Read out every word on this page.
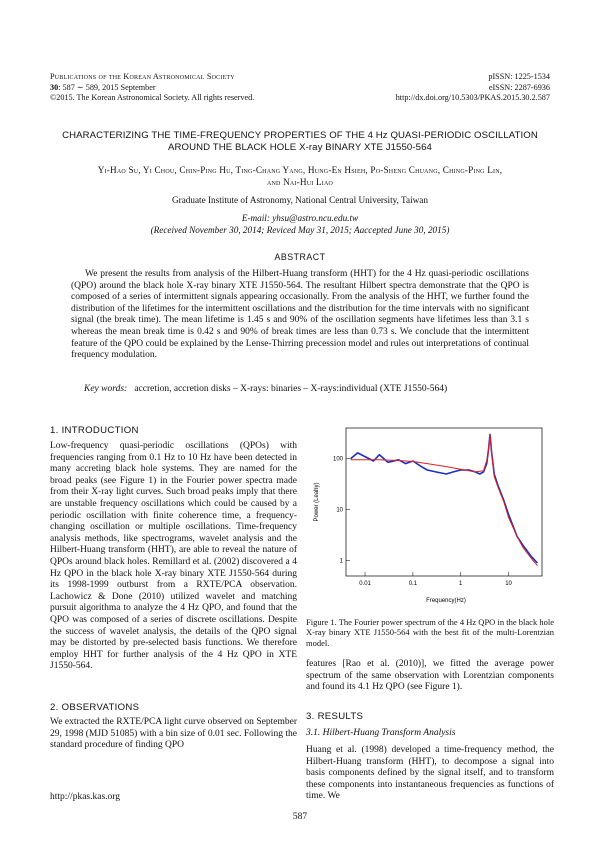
Publications of the Korean Astronomical Society
30: 587 ∼ 589, 2015 September
©2015. The Korean Astronomical Society. All rights reserved.
pISSN: 1225-1534
eISSN: 2287-6936
http://dx.doi.org/10.5303/PKAS.2015.30.2.587
CHARACTERIZING THE TIME-FREQUENCY PROPERTIES OF THE 4 Hz QUASI-PERIODIC OSCILLATION
AROUND THE BLACK HOLE X-ray BINARY XTE J1550-564
Yi-Hao Su, Yi Chou, Chin-Ping Hu, Ting-Chang Yang, Hung-En Hsieh, Po-Sheng Chuang, Ching-Ping Lin,
and Nai-Hui Liao
Graduate Institute of Astronomy, National Central University, Taiwan
E-mail: yhsu@astro.ncu.edu.tw
(Received November 30, 2014; Reviced May 31, 2015; Aaccepted June 30, 2015)
ABSTRACT
We present the results from analysis of the Hilbert-Huang transform (HHT) for the 4 Hz quasi-periodic oscillations (QPO) around the black hole X-ray binary XTE J1550-564. The resultant Hilbert spectra demonstrate that the QPO is composed of a series of intermittent signals appearing occasionally. From the analysis of the HHT, we further found the distribution of the lifetimes for the intermittent oscillations and the distribution for the time intervals with no significant signal (the break time). The mean lifetime is 1.45 s and 90% of the oscillation segments have lifetimes less than 3.1 s whereas the mean break time is 0.42 s and 90% of break times are less than 0.73 s. We conclude that the intermittent feature of the QPO could be explained by the Lense-Thirring precession model and rules out interpretations of continual frequency modulation.
Key words: accretion, accretion disks – X-rays: binaries – X-rays:individual (XTE J1550-564)
1. INTRODUCTION
Low-frequency quasi-periodic oscillations (QPOs) with frequencies ranging from 0.1 Hz to 10 Hz have been detected in many accreting black hole systems. They are named for the broad peaks (see Figure 1) in the Fourier power spectra made from their X-ray light curves. Such broad peaks imply that there are unstable frequency oscillations which could be caused by a periodic oscillation with finite coherence time, a frequency-changing oscillation or multiple oscillations. Time-frequency analysis methods, like spectrograms, wavelet analysis and the Hilbert-Huang transform (HHT), are able to reveal the nature of QPOs around black holes. Remillard et al. (2002) discovered a 4 Hz QPO in the black hole X-ray binary XTE J1550-564 during its 1998-1999 outburst from a RXTE/PCA observation. Lachowicz & Done (2010) utilized wavelet and matching pursuit algorithma to analyze the 4 Hz QPO, and found that the QPO was composed of a series of discrete oscillations. Despite the success of wavelet analysis, the details of the QPO signal may be distorted by pre-selected basis functions. We therefore employ HHT for further analysis of the 4 Hz QPO in XTE J1550-564.
2. OBSERVATIONS
We extracted the RXTE/PCA light curve observed on September 29, 1998 (MJD 51085) with a bin size of 0.01 sec. Following the standard procedure of finding QPO
0.01	0.1	1	10
100
10
1
Frequency(Hz)
Power (Leahy)
Figure 1. The Fourier power spectrum of the 4 Hz QPO in the black hole X-ray binary XTE J1550-564 with the best fit of the multi-Lorentzian model.
features [Rao et al. (2010)], we fitted the average power spectrum of the same observation with Lorentzian components and found its 4.1 Hz QPO (see Figure 1).
3. RESULTS
3.1. Hilbert-Huang Transform Analysis
Huang et al. (1998) developed a time-frequency method, the Hilbert-Huang transform (HHT), to decompose a signal into basis components defined by the signal itself, and to transform these components into instantaneous frequencies as functions of time. We
http://pkas.kas.org
587
